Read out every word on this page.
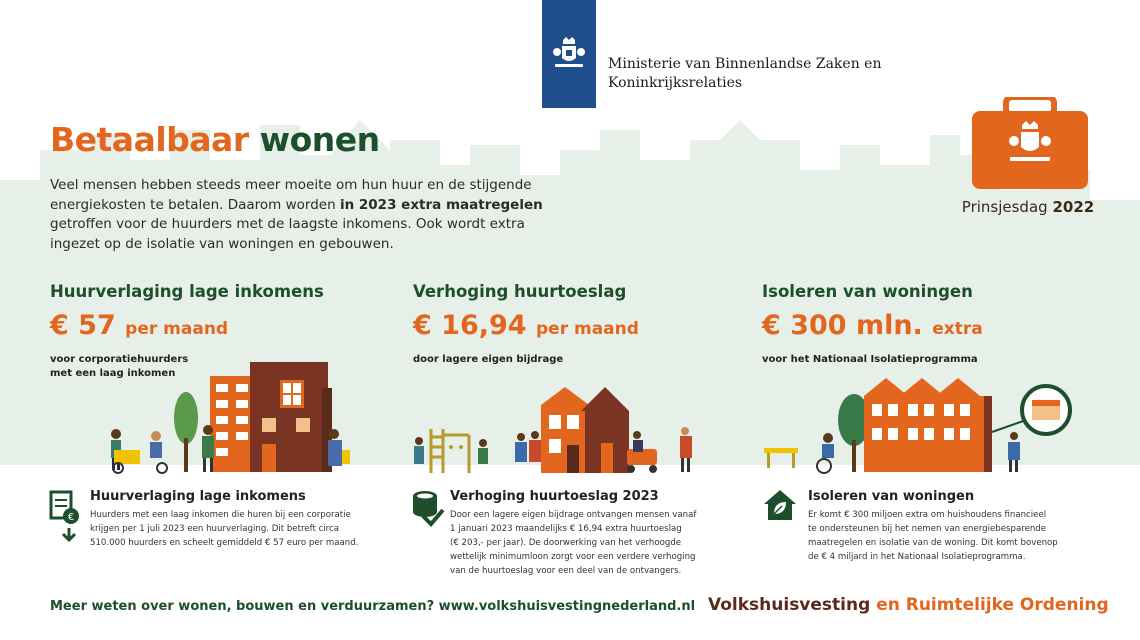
Ministerie van Binnenlandse Zaken en
Koninkrijksrelaties
Betaalbaar wonen
Veel mensen hebben steeds meer moeite om hun huur en de stijgende energiekosten te betalen. Daarom worden in 2023 extra maatregelen getroffen voor de huurders met de laagste inkomens. Ook wordt extra ingezet op de isolatie van woningen en gebouwen.
Prinsjesdag 2022
Huurverlaging lage inkomens
€ 57 per maand
voor corporatiehuurders
met een laag inkomen
Verhoging huurtoeslag
€ 16,94 per maand
door lagere eigen bijdrage
Isoleren van woningen
€ 300 mln. extra
voor het Nationaal Isolatieprogramma
€
Huurverlaging lage inkomens
Huurders met een laag inkomen die huren bij een corporatie
krijgen per 1 juli 2023 een huurverlaging. Dit betreft circa
510.000 huurders en scheelt gemiddeld € 57 euro per maand.
Verhoging huurtoeslag 2023
Door een lagere eigen bijdrage ontvangen mensen vanaf
1 januari 2023 maandelijks € 16,94 extra huurtoeslag
(€ 203,- per jaar). De doorwerking van het verhoogde
wettelijk minimumloon zorgt voor een verdere verhoging
van de huurtoeslag voor een deel van de ontvangers.
Isoleren van woningen
Er komt € 300 miljoen extra om huishoudens financieel
te ondersteunen bij het nemen van energiebesparende
maatregelen en isolatie van de woning. Dit komt bovenop
de € 4 miljard in het Nationaal Isolatieprogramma.
Meer weten over wonen, bouwen en verduurzamen? www.volkshuisvestingnederland.nl Volkshuisvesting en Ruimtelijke Ordening
